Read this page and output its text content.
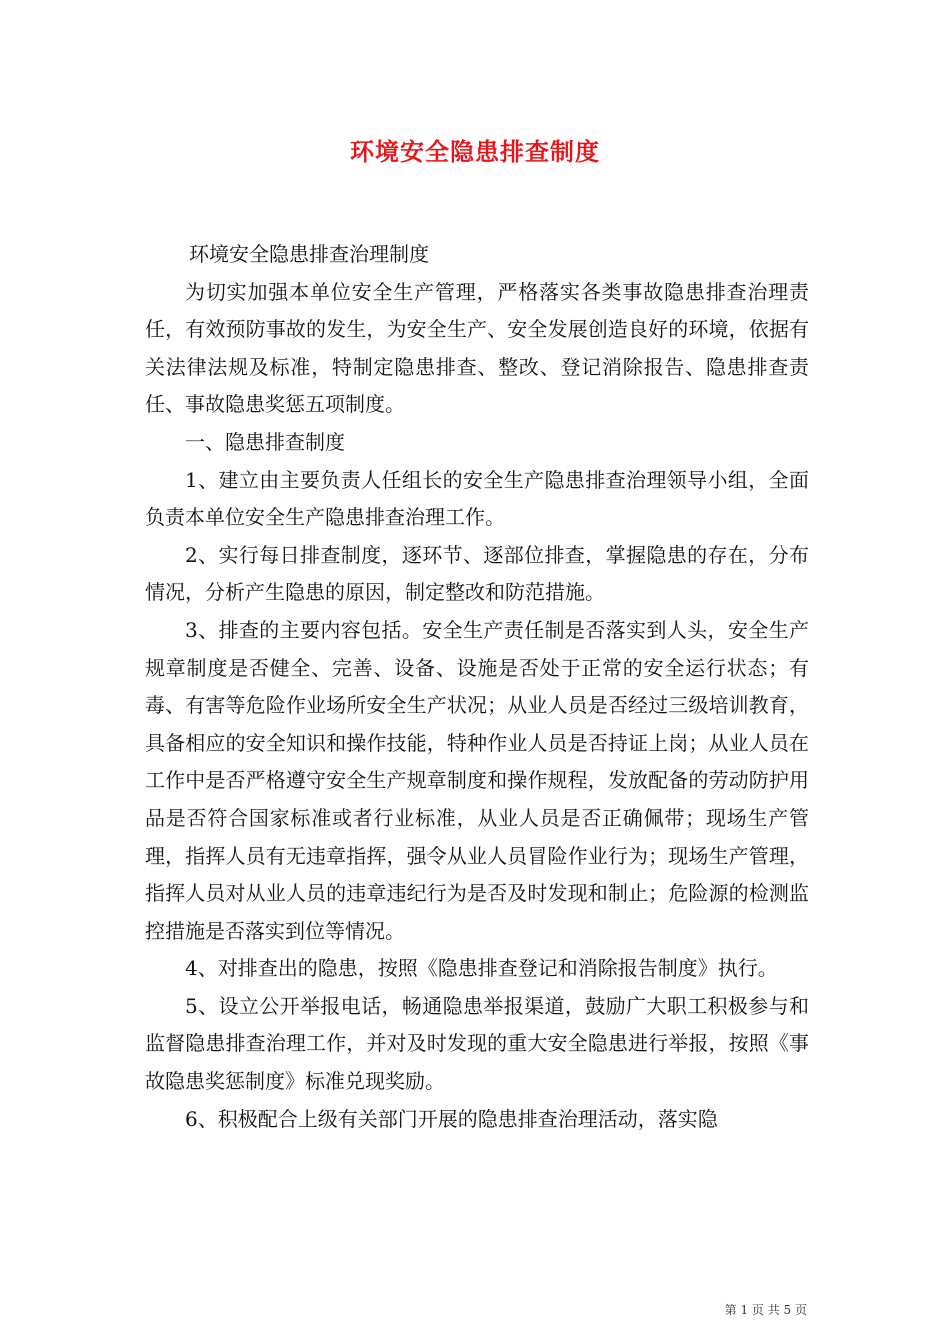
环境安全隐患排查制度

环境安全隐患排查治理制度

为切实加强本单位安全生产管理，严格落实各类事故隐患排查治理责任，有效预防事故的发生，为安全生产、安全发展创造良好的环境，依据有关法律法规及标准，特制定隐患排查、整改、登记消除报告、隐患排查责任、事故隐患奖惩五项制度。

一、隐患排查制度

1、建立由主要负责人任组长的安全生产隐患排查治理领导小组，全面负责本单位安全生产隐患排查治理工作。

2、实行每日排查制度，逐环节、逐部位排查，掌握隐患的存在，分布情况，分析产生隐患的原因，制定整改和防范措施。

3、排查的主要内容包括。安全生产责任制是否落实到人头，安全生产规章制度是否健全、完善、设备、设施是否处于正常的安全运行状态；有毒、有害等危险作业场所安全生产状况；从业人员是否经过三级培训教育，具备相应的安全知识和操作技能，特种作业人员是否持证上岗；从业人员在工作中是否严格遵守安全生产规章制度和操作规程，发放配备的劳动防护用品是否符合国家标准或者行业标准，从业人员是否正确佩带；现场生产管理，指挥人员有无违章指挥，强令从业人员冒险作业行为；现场生产管理，指挥人员对从业人员的违章违纪行为是否及时发现和制止；危险源的检测监控措施是否落实到位等情况。

4、对排查出的隐患，按照《隐患排查登记和消除报告制度》执行。

5、设立公开举报电话，畅通隐患举报渠道，鼓励广大职工积极参与和监督隐患排查治理工作，并对及时发现的重大安全隐患进行举报，按照《事故隐患奖惩制度》标准兑现奖励。

6、积极配合上级有关部门开展的隐患排查治理活动，落实隐

第 1 页 共 5 页
